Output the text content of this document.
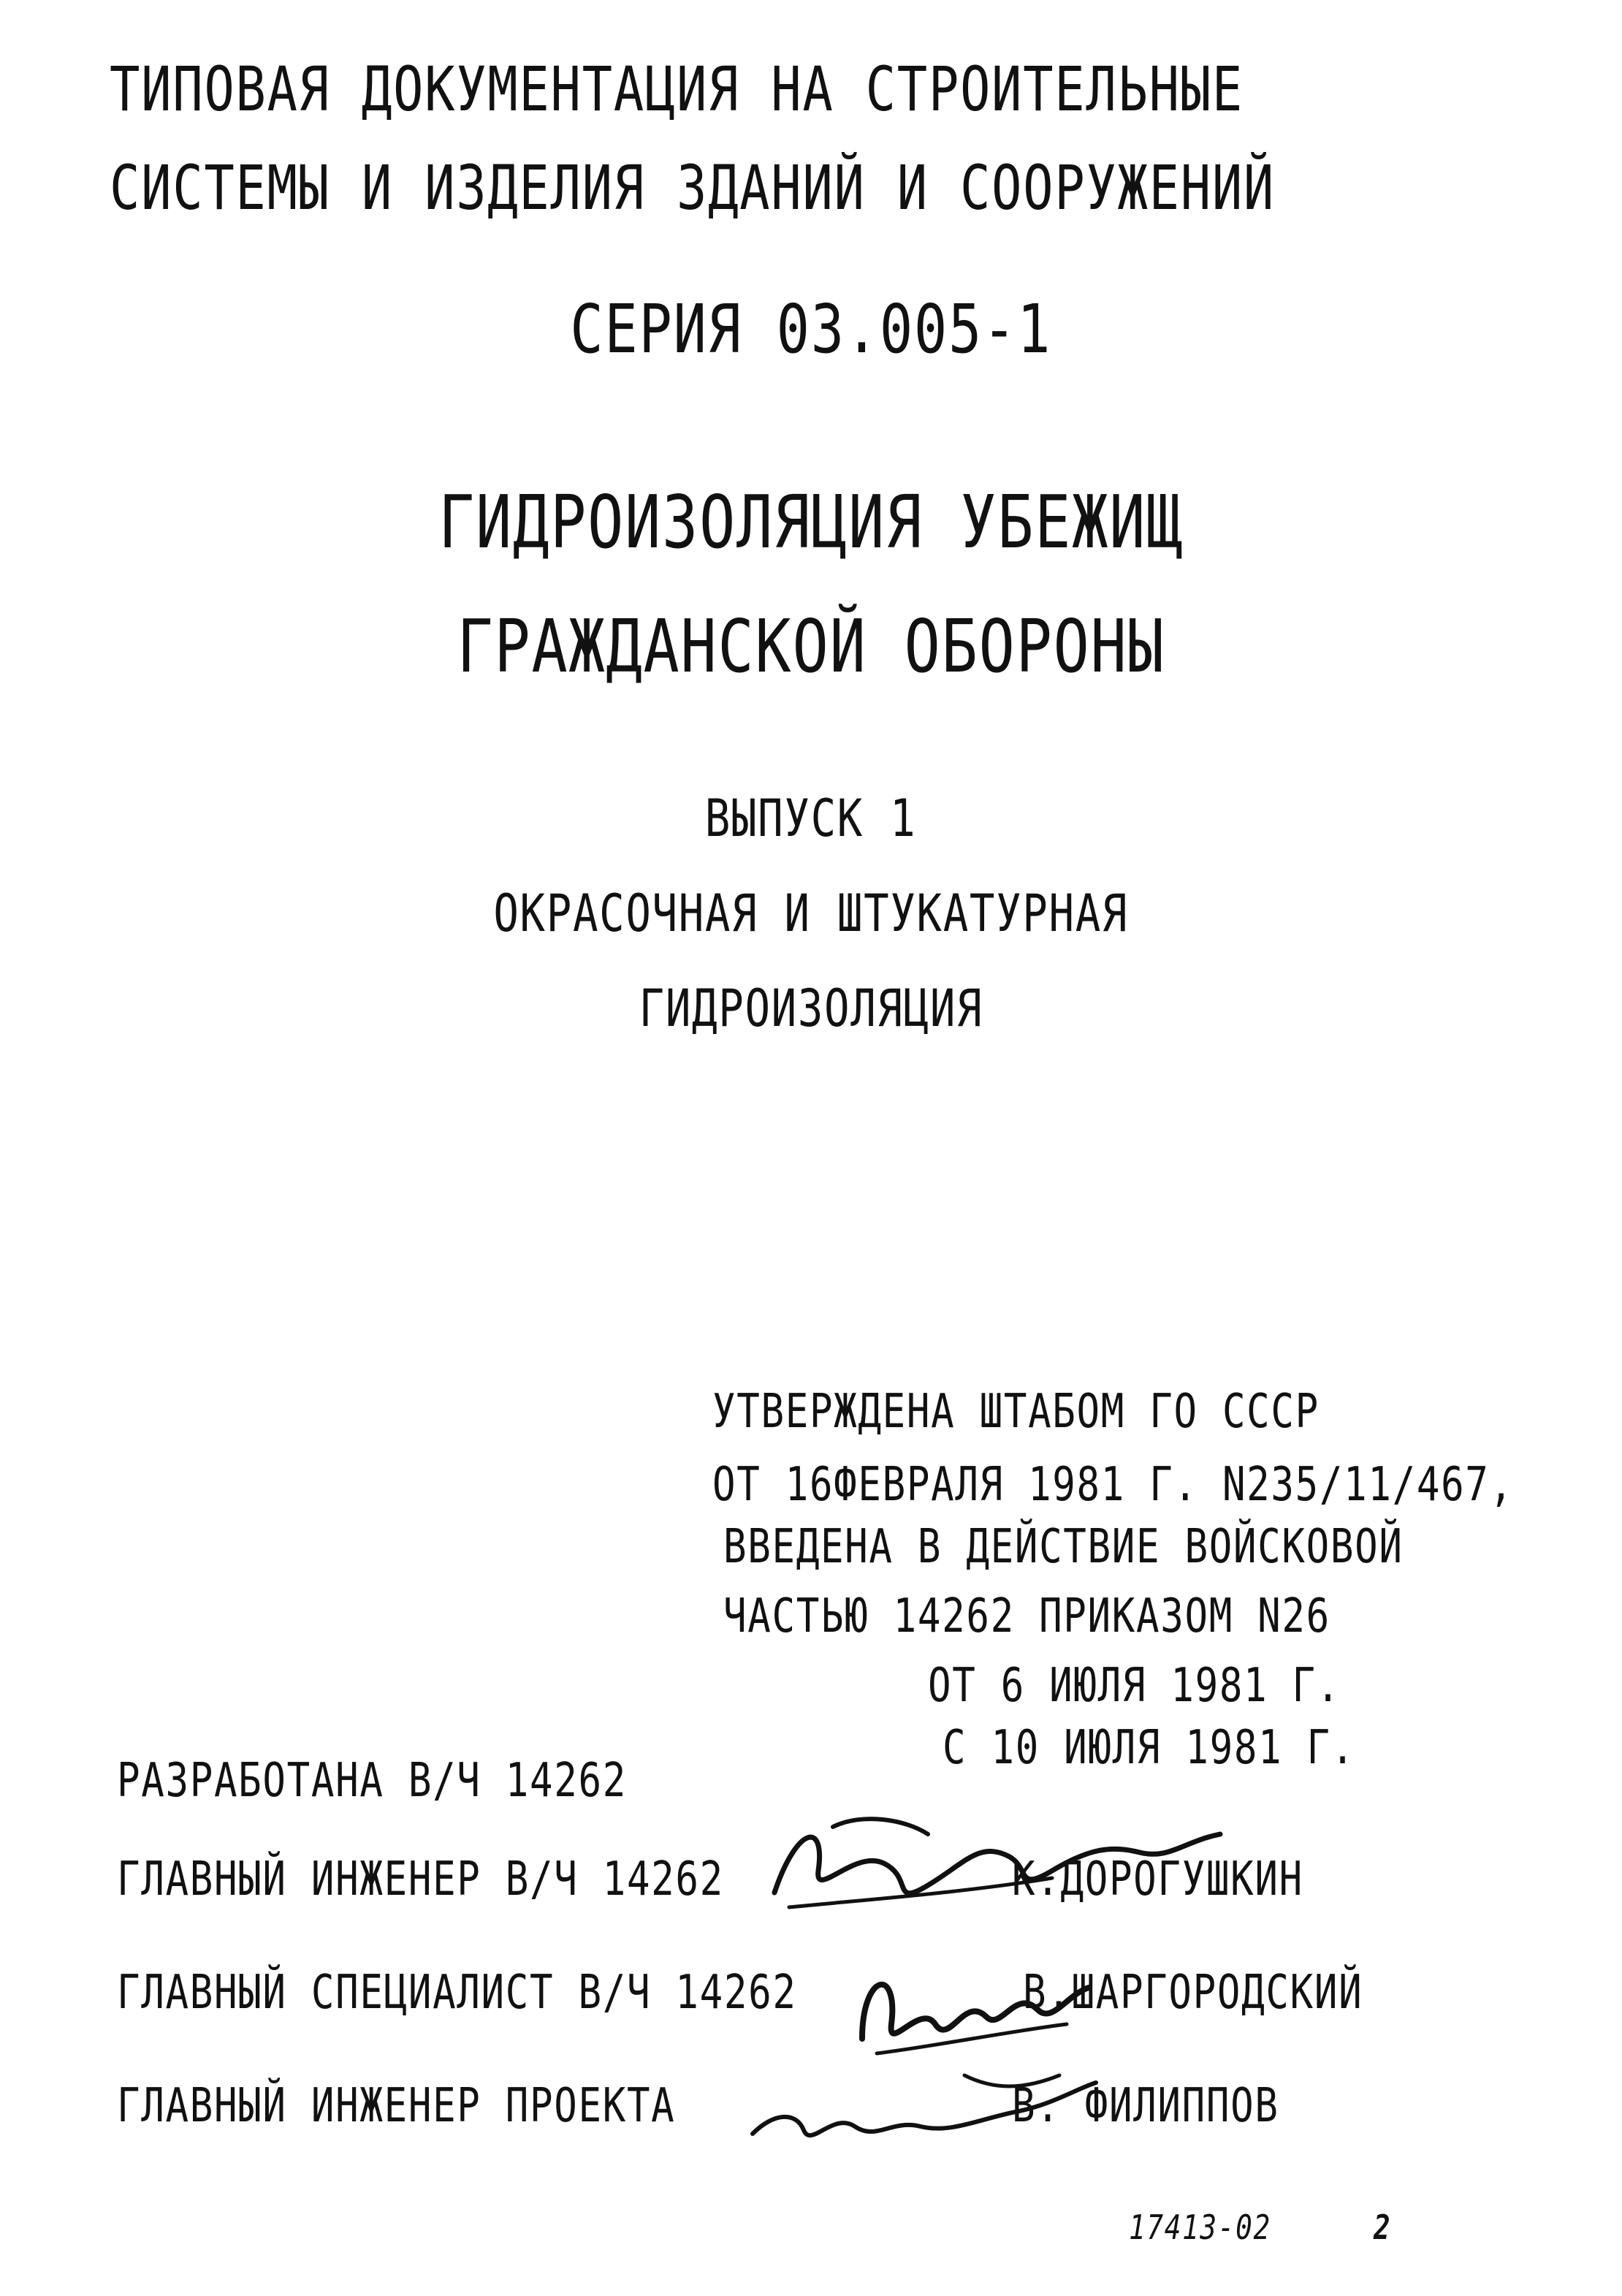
ТИПОВАЯ ДОКУМЕНТАЦИЯ НА СТРОИТЕЛЬНЫЕ
СИСТЕМЫ И ИЗДЕЛИЯ ЗДАНИЙ И СООРУЖЕНИЙ
СЕРИЯ 03.005-1
ГИДРОИЗОЛЯЦИЯ УБЕЖИЩ
ГРАЖДАНСКОЙ ОБОРОНЫ
ВЫПУСК 1
ОКРАСОЧНАЯ И ШТУКАТУРНАЯ
ГИДРОИЗОЛЯЦИЯ
УТВЕРЖДЕНА ШТАБОМ ГО СССР
ОТ 16ФЕВРАЛЯ 1981 Г. N235/11/467,
ВВЕДЕНА В ДЕЙСТВИЕ ВОЙСКОВОЙ
ЧАСТЬЮ 14262 ПРИКАЗОМ N26
ОТ 6 ИЮЛЯ 1981 Г.
С 10 ИЮЛЯ 1981 Г.
РАЗРАБОТАНА В/Ч 14262
ГЛАВНЫЙ ИНЖЕНЕР В/Ч 14262	К.ДОРОГУШКИН
ГЛАВНЫЙ СПЕЦИАЛИСТ В/Ч 14262	В.ШАРГОРОДСКИЙ
ГЛАВНЫЙ ИНЖЕНЕР ПРОЕКТА	В. ФИЛИППОВ
17413-02	2
